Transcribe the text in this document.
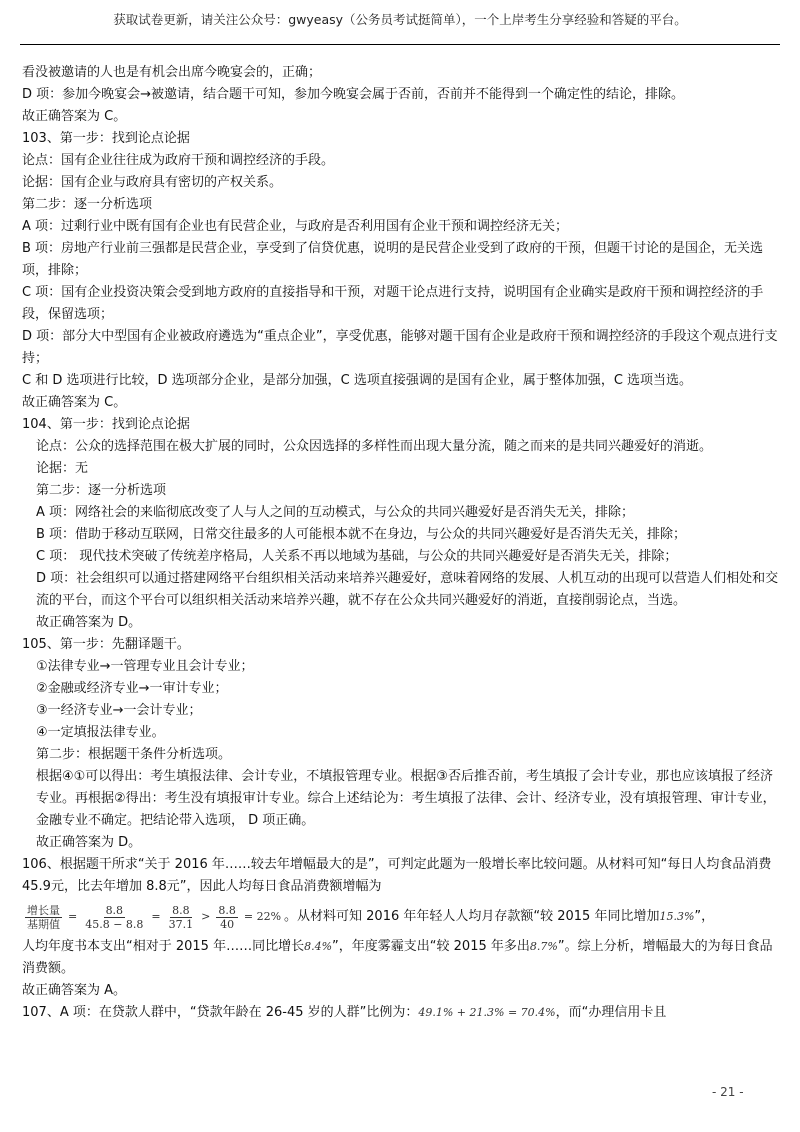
获取试卷更新，请关注公众号：gwyeasy（公务员考试挺简单），一个上岸考生分享经验和答疑的平台。

看没被邀请的人也是有机会出席今晚宴会的，正确；

D 项：参加今晚宴会→被邀请，结合题干可知，参加今晚宴会属于否前，否前并不能得到一个确定性的结论，排除。

故正确答案为 C。

103、第一步：找到论点论据

论点：国有企业往往成为政府干预和调控经济的手段。

论据：国有企业与政府具有密切的产权关系。

第二步：逐一分析选项

A 项：过剩行业中既有国有企业也有民营企业，与政府是否利用国有企业干预和调控经济无关；

B 项：房地产行业前三强都是民营企业，享受到了信贷优惠，说明的是民营企业受到了政府的干预，但题干讨论的是国企，无关选项，排除；

C 项：国有企业投资决策会受到地方政府的直接指导和干预，对题干论点进行支持，说明国有企业确实是政府干预和调控经济的手段，保留选项；

D 项：部分大中型国有企业被政府遴选为“重点企业”，享受优惠，能够对题干国有企业是政府干预和调控经济的手段这个观点进行支持；

C 和 D 选项进行比较，D 选项部分企业，是部分加强，C 选项直接强调的是国有企业，属于整体加强，C 选项当选。

故正确答案为 C。

104、第一步：找到论点论据

论点：公众的选择范围在极大扩展的同时，公众因选择的多样性而出现大量分流，随之而来的是共同兴趣爱好的消逝。

论据：无

第二步：逐一分析选项

A 项：网络社会的来临彻底改变了人与人之间的互动模式，与公众的共同兴趣爱好是否消失无关，排除；

B 项：借助于移动互联网，日常交往最多的人可能根本就不在身边，与公众的共同兴趣爱好是否消失无关，排除；

C 项： 现代技术突破了传统差序格局，人关系不再以地域为基础，与公众的共同兴趣爱好是否消失无关，排除；

D 项：社会组织可以通过搭建网络平台组织相关活动来培养兴趣爱好，意味着网络的发展、人机互动的出现可以营造人们相处和交流的平台，而这个平台可以组织相关活动来培养兴趣，就不存在公众共同兴趣爱好的消逝，直接削弱论点，当选。

故正确答案为 D。

105、第一步：先翻译题干。

①法律专业→一管理专业且会计专业；

②金融或经济专业→一审计专业；

③一经济专业→一会计专业；

④一定填报法律专业。

第二步：根据题干条件分析选项。

根据④①可以得出：考生填报法律、会计专业，不填报管理专业。根据③否后推否前，考生填报了会计专业，那也应该填报了经济专业。再根据②得出：考生没有填报审计专业。综合上述结论为：考生填报了法律、会计、经济专业，没有填报管理、审计专业，金融专业不确定。把结论带入选项， D 项正确。

故正确答案为 D。

106、根据题干所求“关于 2016 年……较去年增幅最大的是”，可判定此题为一般增长率比较问题。从材料可知“每日人均食品消费 45.9元，比去年增加 8.8元”，因此人均每日食品消费额增幅为

$\frac{\text{增长量}}{\text{基期值}} = \frac{8.8}{45.8 - 8.8} = \frac{8.8}{37.1} > \frac{8.8}{40} = 22\%$ 。从材料可知 2016 年年轻人人均月存款额“较 2015 年同比增加 15.3% ”，

人均年度书本支出“相对于 2015 年……同比增长8.4%”，年度雾霾支出“较 2015 年多出8.7%”。综上分析，增幅最大的为每日食品消费额。

故正确答案为 A。

107、A 项：在贷款人群中，“贷款年龄在 26-45 岁的人群”比例为：49.1% + 21.3% = 70.4%，而“办理信用卡且

- 21 -
